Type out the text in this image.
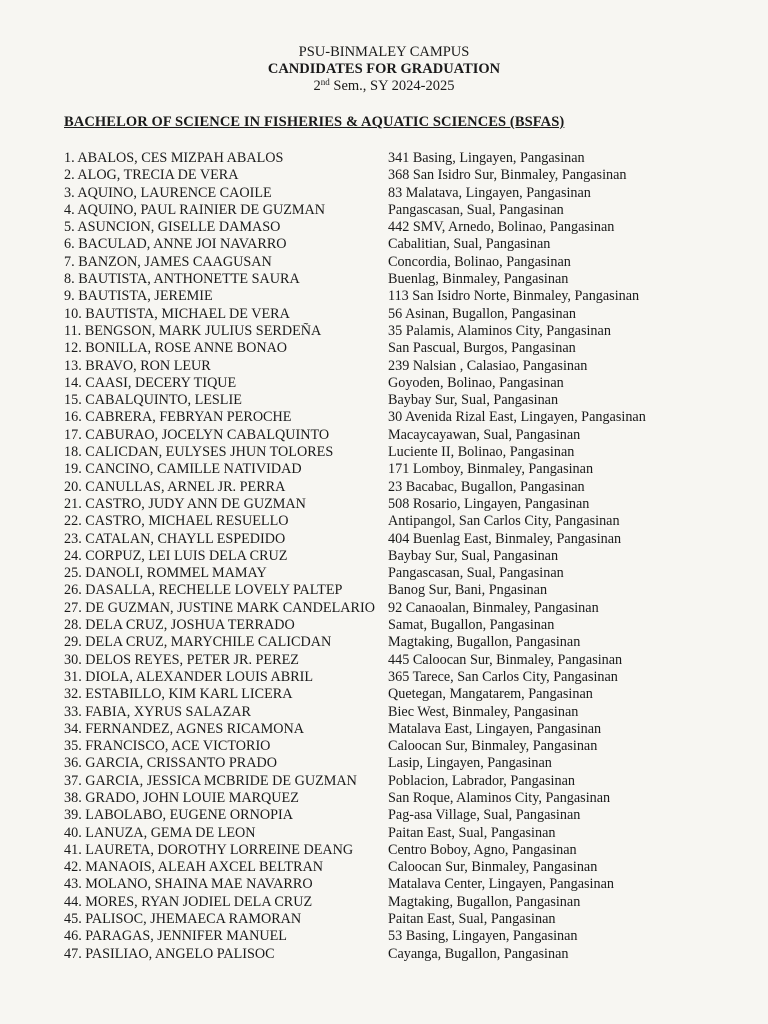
PSU-BINMALEY CAMPUS
CANDIDATES FOR GRADUATION
2nd Sem., SY 2024-2025
BACHELOR OF SCIENCE IN FISHERIES & AQUATIC SCIENCES (BSFAS)
1. ABALOS, CES MIZPAH ABALOS	341 Basing, Lingayen, Pangasinan
2. ALOG, TRECIA DE VERA	368 San Isidro Sur, Binmaley, Pangasinan
3. AQUINO, LAURENCE CAOILE	83 Malatava, Lingayen, Pangasinan
4. AQUINO, PAUL RAINIER DE GUZMAN	Pangascasan, Sual, Pangasinan
5. ASUNCION, GISELLE DAMASO	442 SMV, Arnedo, Bolinao, Pangasinan
6. BACULAD, ANNE JOI NAVARRO	Cabalitian, Sual, Pangasinan
7. BANZON, JAMES CAAGUSAN	Concordia, Bolinao, Pangasinan
8. BAUTISTA, ANTHONETTE SAURA	Buenlag, Binmaley, Pangasinan
9. BAUTISTA, JEREMIE	113 San Isidro Norte, Binmaley, Pangasinan
10. BAUTISTA, MICHAEL DE VERA	56 Asinan, Bugallon, Pangasinan
11. BENGSON, MARK JULIUS SERDEÑA	35 Palamis, Alaminos City, Pangasinan
12. BONILLA, ROSE ANNE BONAO	San Pascual, Burgos, Pangasinan
13. BRAVO, RON LEUR	239 Nalsian , Calasiao, Pangasinan
14. CAASI, DECERY TIQUE	Goyoden, Bolinao, Pangasinan
15. CABALQUINTO, LESLIE	Baybay Sur, Sual, Pangasinan
16. CABRERA, FEBRYAN PEROCHE	30 Avenida Rizal East, Lingayen, Pangasinan
17. CABURAO, JOCELYN CABALQUINTO	Macaycayawan, Sual, Pangasinan
18. CALICDAN, EULYSES JHUN TOLORES	Luciente II, Bolinao, Pangasinan
19. CANCINO, CAMILLE NATIVIDAD	171 Lomboy, Binmaley, Pangasinan
20. CANULLAS, ARNEL JR. PERRA	23 Bacabac, Bugallon, Pangasinan
21. CASTRO, JUDY ANN DE GUZMAN	508 Rosario, Lingayen, Pangasinan
22. CASTRO, MICHAEL RESUELLO	Antipangol, San Carlos City, Pangasinan
23. CATALAN, CHAYLL ESPEDIDO	404 Buenlag East, Binmaley, Pangasinan
24. CORPUZ, LEI LUIS DELA CRUZ	Baybay Sur, Sual, Pangasinan
25. DANOLI, ROMMEL MAMAY	Pangascasan, Sual, Pangasinan
26. DASALLA, RECHELLE LOVELY PALTEP	Banog Sur, Bani, Pngasinan
27. DE GUZMAN, JUSTINE MARK CANDELARIO 92 Canaoalan, Binmaley, Pangasinan
28. DELA CRUZ, JOSHUA TERRADO	Samat, Bugallon, Pangasinan
29. DELA CRUZ, MARYCHILE CALICDAN	Magtaking, Bugallon, Pangasinan
30. DELOS REYES, PETER JR. PEREZ	445 Caloocan Sur, Binmaley, Pangasinan
31. DIOLA, ALEXANDER LOUIS ABRIL	365 Tarece, San Carlos City, Pangasinan
32. ESTABILLO, KIM KARL LICERA	Quetegan, Mangatarem, Pangasinan
33. FABIA, XYRUS SALAZAR	Biec West, Binmaley, Pangasinan
34. FERNANDEZ, AGNES RICAMONA	Matalava East, Lingayen, Pangasinan
35. FRANCISCO, ACE VICTORIO	Caloocan Sur, Binmaley, Pangasinan
36. GARCIA, CRISSANTO PRADO	Lasip, Lingayen, Pangasinan
37. GARCIA, JESSICA MCBRIDE DE GUZMAN	Poblacion, Labrador, Pangasinan
38. GRADO, JOHN LOUIE MARQUEZ	San Roque, Alaminos City, Pangasinan
39. LABOLABO, EUGENE ORNOPIA	Pag-asa Village, Sual, Pangasinan
40. LANUZA, GEMA DE LEON	Paitan East, Sual, Pangasinan
41. LAURETA, DOROTHY LORREINE DEANG	Centro Boboy, Agno, Pangasinan
42. MANAOIS, ALEAH AXCEL BELTRAN	Caloocan Sur, Binmaley, Pangasinan
43. MOLANO, SHAINA MAE NAVARRO	Matalava Center, Lingayen, Pangasinan
44. MORES, RYAN JODIEL DELA CRUZ	Magtaking, Bugallon, Pangasinan
45. PALISOC, JHEMAECA RAMORAN	Paitan East, Sual, Pangasinan
46. PARAGAS, JENNIFER MANUEL	53 Basing, Lingayen, Pangasinan
47. PASILIAO, ANGELO PALISOC	Cayanga, Bugallon, Pangasinan
